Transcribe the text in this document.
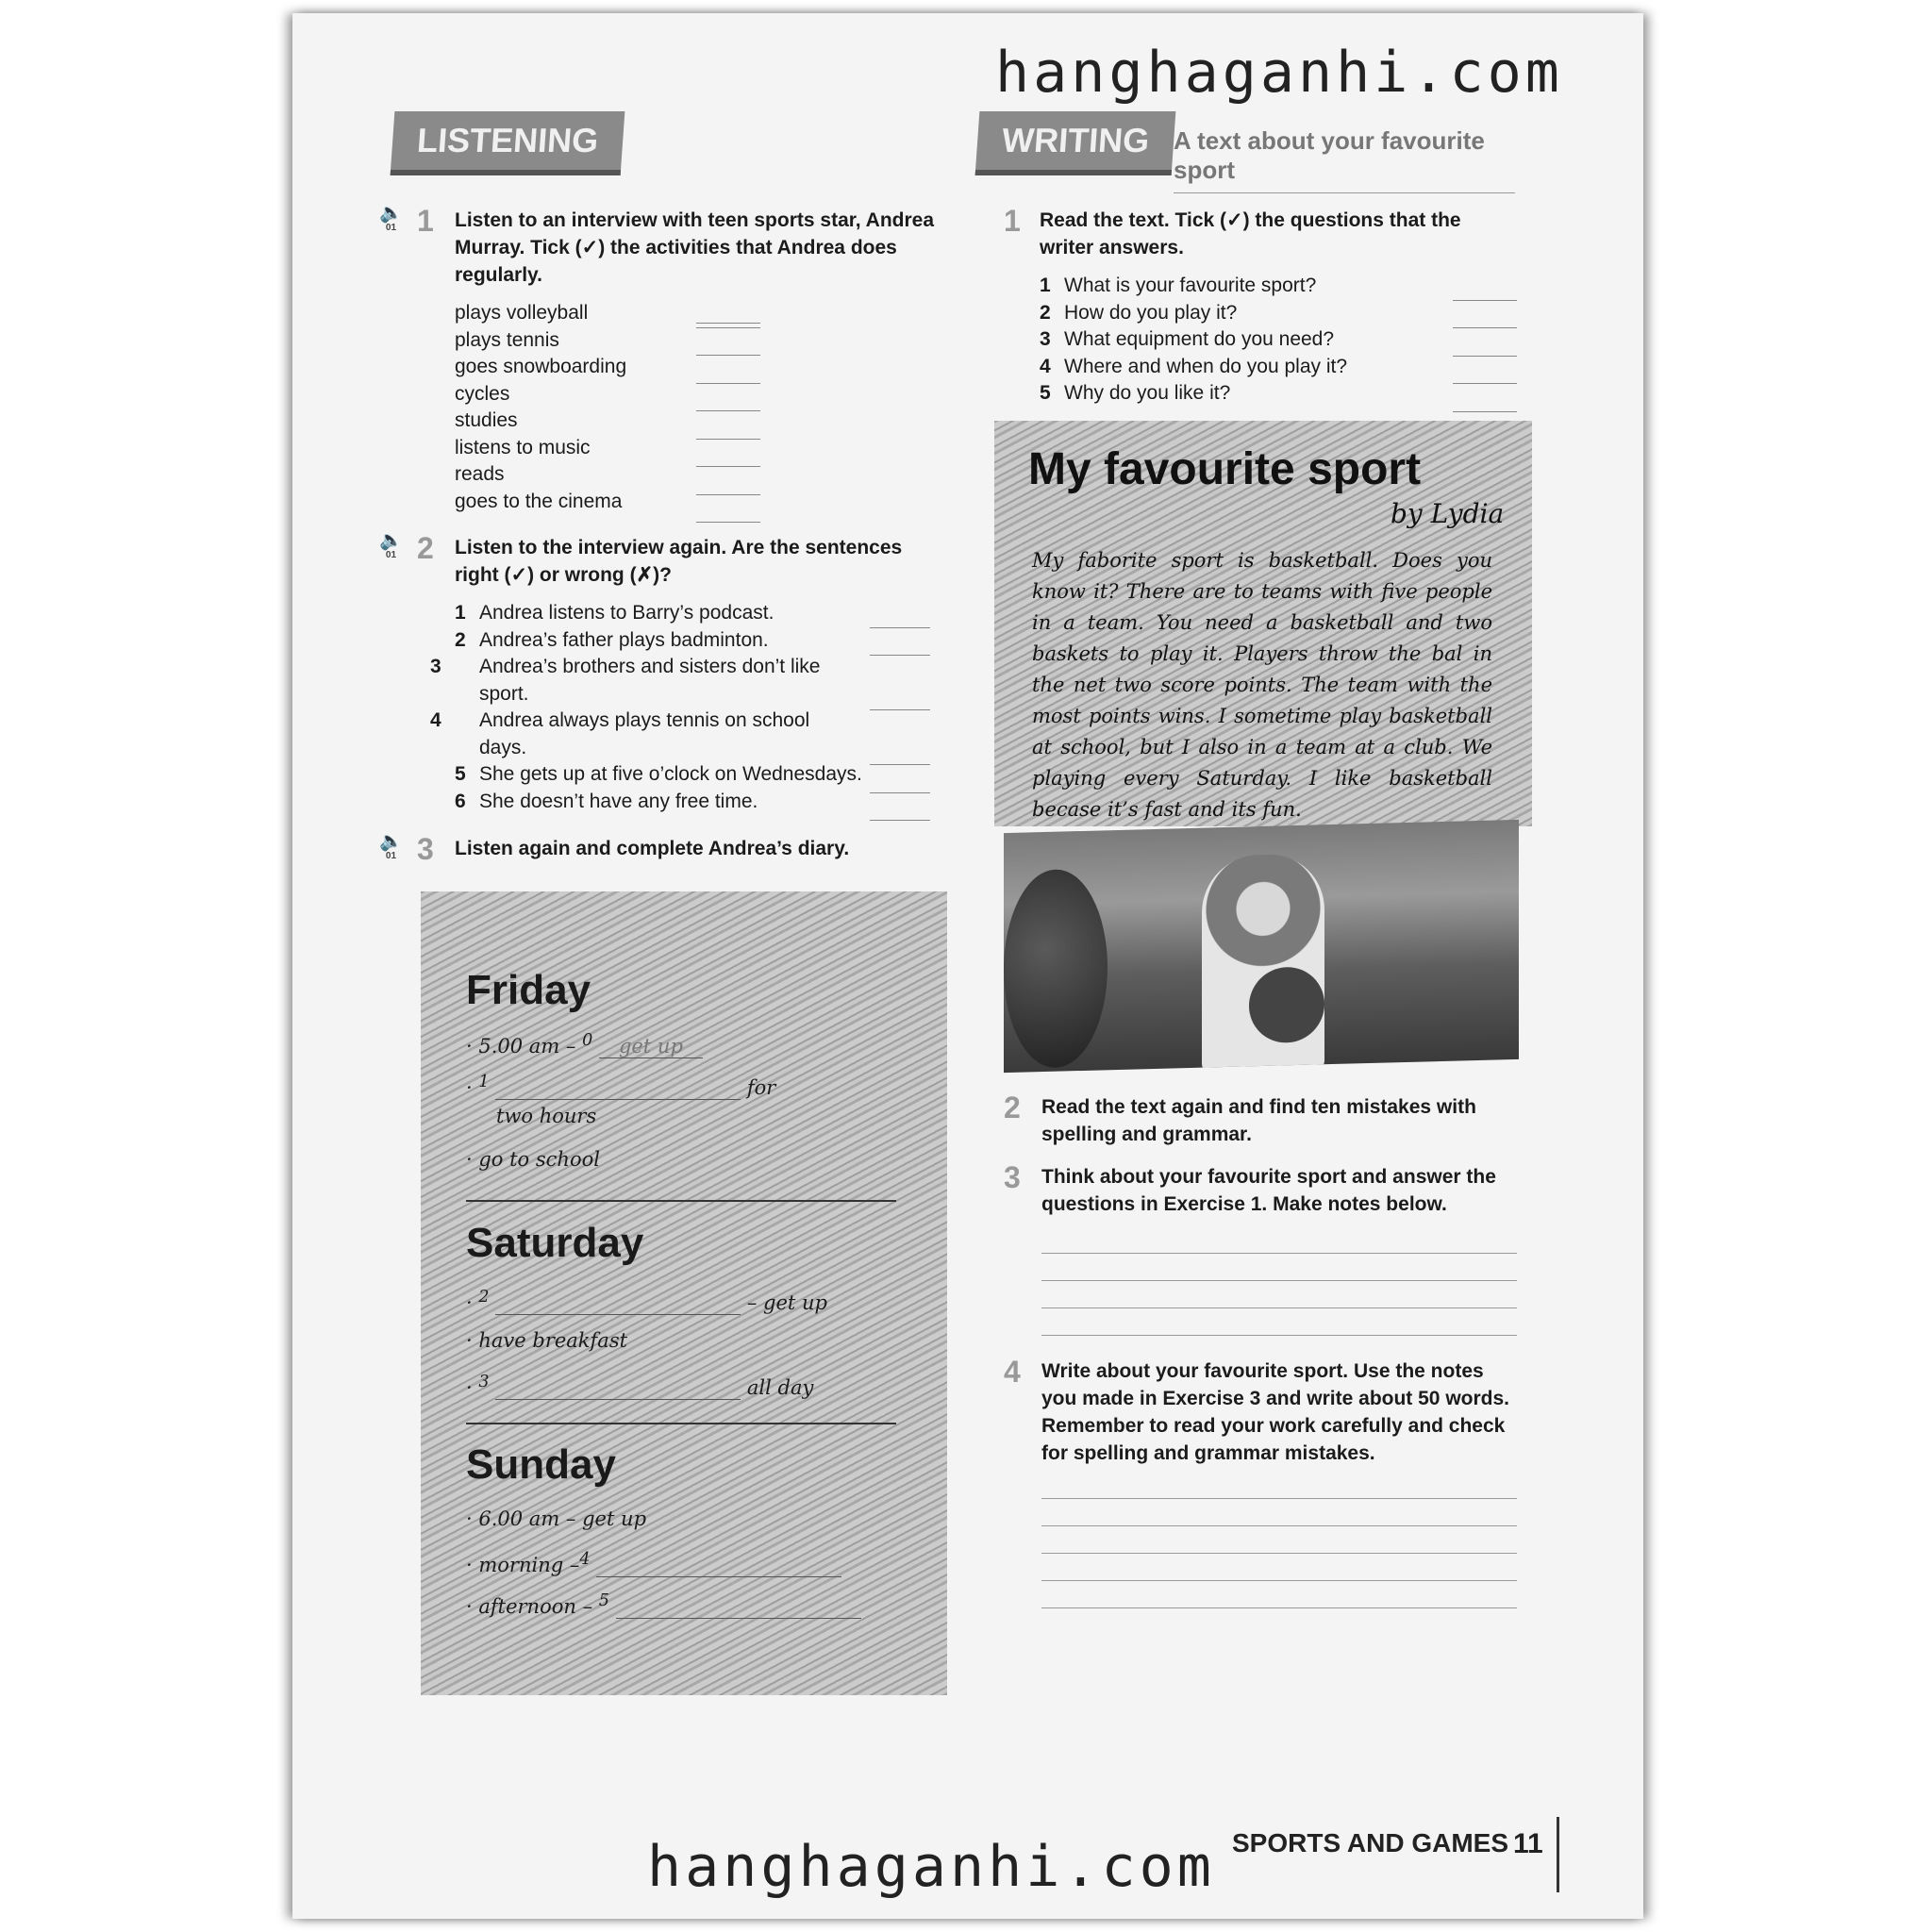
hanghaganhi.com
LISTENING
🔈
01 1 Listen to an interview with teen sports star, Andrea Murray. Tick (✓) the activities that Andrea does regularly.
plays volleyball
plays tennis
goes snowboarding
cycles
studies
listens to music
reads
goes to the cinema
🔈
01 2 Listen to the interview again. Are the sentences right (✓) or wrong (✗)?
1 Andrea listens to Barry’s podcast.
2 Andrea’s father plays badminton.
3 Andrea’s brothers and sisters don’t like sport.
4 Andrea always plays tennis on school days.
5 She gets up at five o’clock on Wednesdays.
6 She doesn’t have any free time.
🔈
01 3 Listen again and complete Andrea’s diary.
Friday
· 5.00 am – $^0$ get up
· $^1$	for
two hours
· go to school
Saturday
· $^2$	– get up
· have breakfast
· $^3$	all day
Sunday
· 6.00 am – get up
· morning –$^4$
· afternoon – $^5$
WRITING A text about your favourite sport
1 Read the text. Tick (✓) the questions that the writer answers.
1 What is your favourite sport?
2 How do you play it?
3 What equipment do you need?
4 Where and when do you play it?
5 Why do you like it?
My favourite sport
by Lydia
My faborite sport is basketball. Does you know it? There are to teams with five people in a team. You need a basketball and two baskets to play it. Players throw the bal in the net two score points. The team with the most points wins. I sometime play basketball at school, but I also in a team at a club. We playing every Saturday. I like basketball becase it’s fast and its fun.
2 Read the text again and find ten mistakes with spelling and grammar.
3 Think about your favourite sport and answer the questions in Exercise 1. Make notes below.
4 Write about your favourite sport. Use the notes you made in Exercise 3 and write about 50 words. Remember to read your work carefully and check for spelling and grammar mistakes.
SPORTS AND GAMES 11
hanghaganhi.com
